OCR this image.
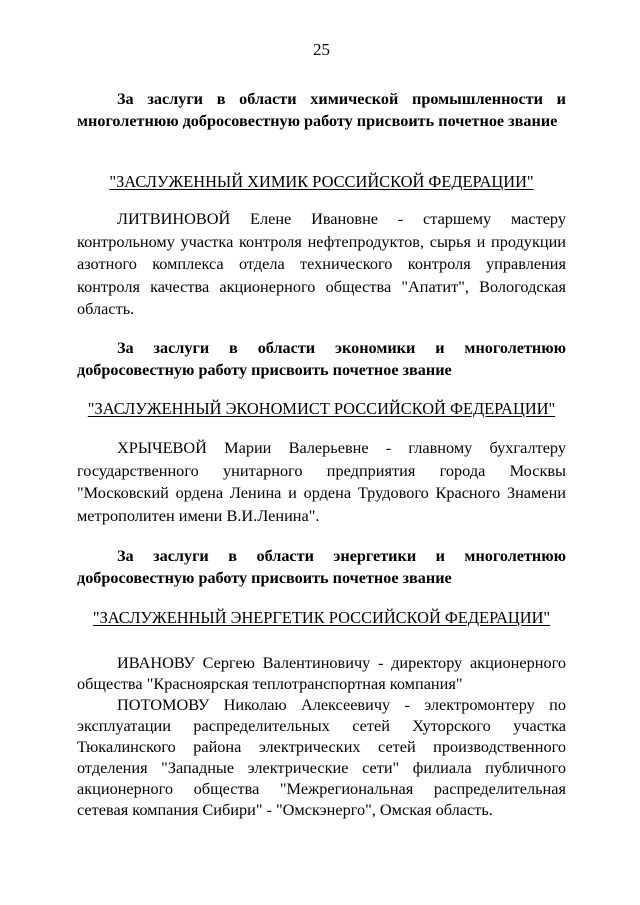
25

За заслуги в области химической промышленности и многолетнюю добросовестную работу присвоить почетное звание

"ЗАСЛУЖЕННЫЙ ХИМИК РОССИЙСКОЙ ФЕДЕРАЦИИ"

ЛИТВИНОВОЙ Елене Ивановне - старшему мастеру контрольному участка контроля нефтепродуктов, сырья и продукции азотного комплекса отдела технического контроля управления контроля качества акционерного общества "Апатит", Вологодская область.

За заслуги в области экономики и многолетнюю добросовестную работу присвоить почетное звание

"ЗАСЛУЖЕННЫЙ ЭКОНОМИСТ РОССИЙСКОЙ ФЕДЕРАЦИИ"

ХРЫЧЕВОЙ Марии Валерьевне - главному бухгалтеру государственного унитарного предприятия города Москвы "Московский ордена Ленина и ордена Трудового Красного Знамени метрополитен имени В.И.Ленина".

За заслуги в области энергетики и многолетнюю добросовестную работу присвоить почетное звание

"ЗАСЛУЖЕННЫЙ ЭНЕРГЕТИК РОССИЙСКОЙ ФЕДЕРАЦИИ"

ИВАНОВУ Сергею Валентиновичу - директору акционерного общества "Красноярская теплотранспортная компания"

ПОТОМОВУ Николаю Алексеевичу - электромонтеру по эксплуатации распределительных сетей Хуторского участка Тюкалинского района электрических сетей производственного отделения "Западные электрические сети" филиала публичного акционерного общества "Межрегиональная распределительная сетевая компания Сибири" - "Омскэнерго", Омская область.
